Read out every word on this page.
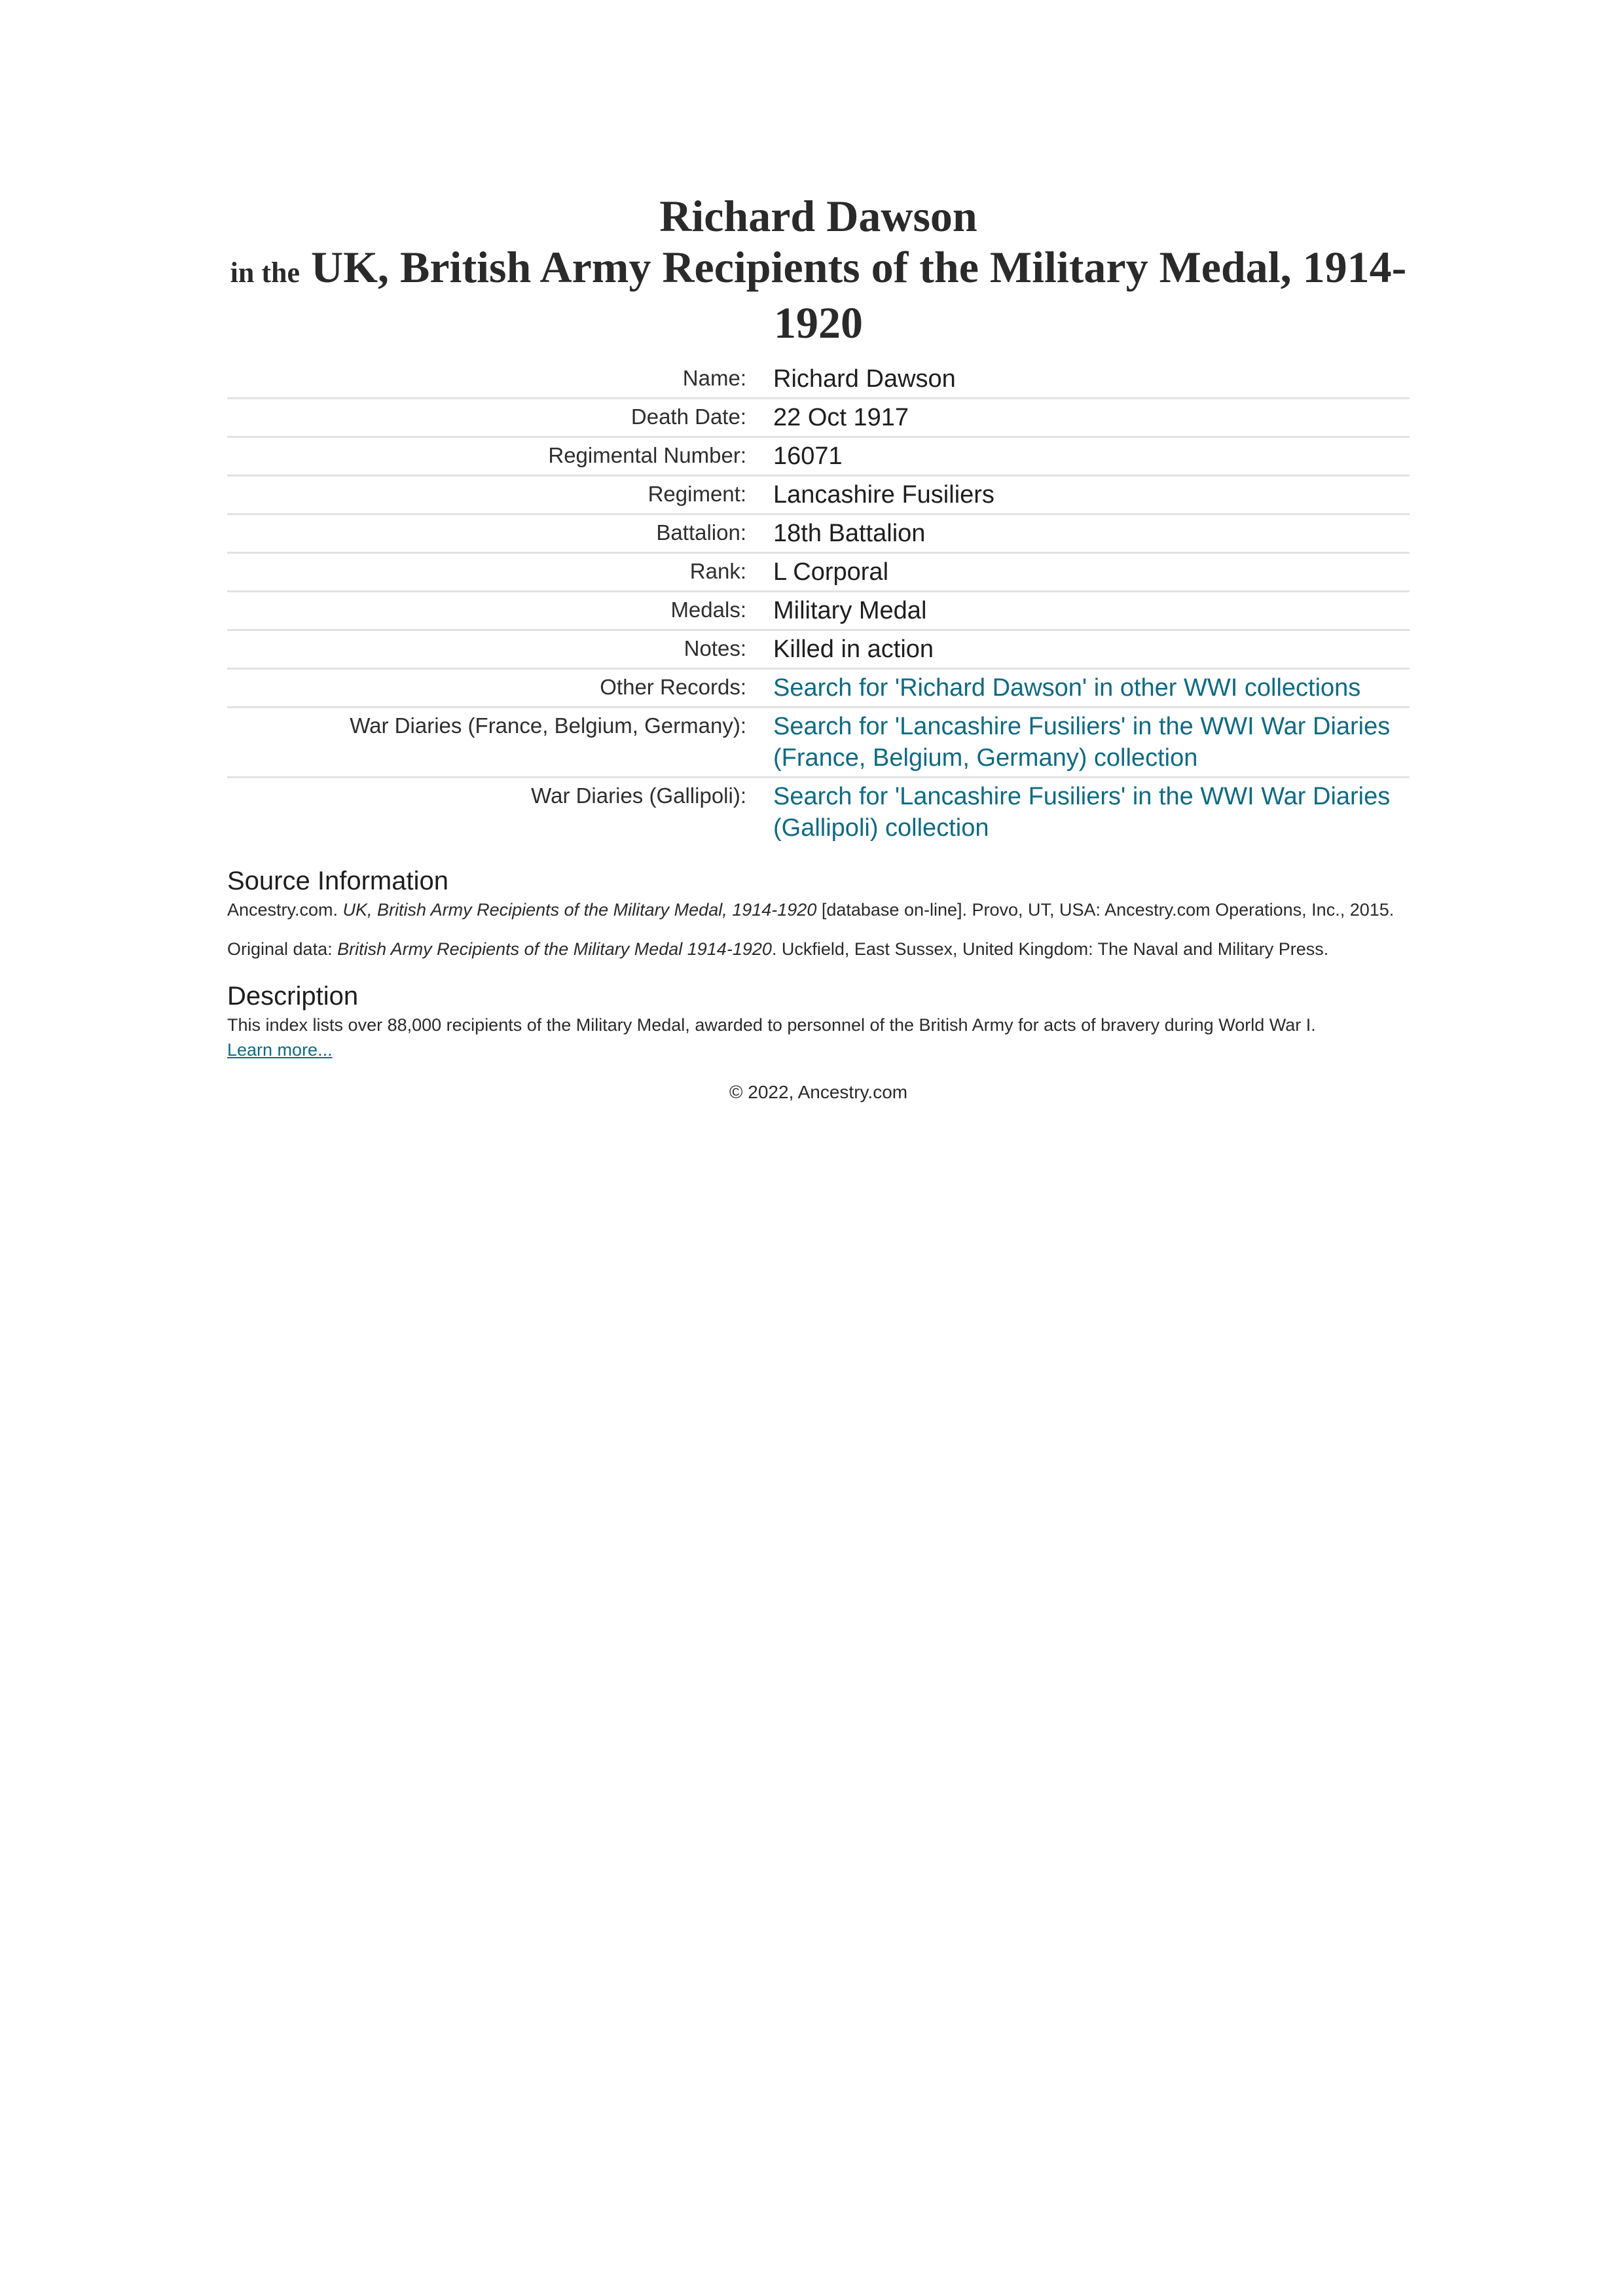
Richard Dawson
in the UK, British Army Recipients of the Military Medal, 1914-1920
Name:	Richard Dawson
Death Date:	22 Oct 1917
Regimental Number:	16071
Regiment:	Lancashire Fusiliers
Battalion:	18th Battalion
Rank:	L Corporal
Medals:	Military Medal
Notes:	Killed in action
Other Records:	Search for 'Richard Dawson' in other WWI collections
War Diaries (France, Belgium, Germany):	Search for 'Lancashire Fusiliers' in the WWI War Diaries (France, Belgium, Germany) collection
War Diaries (Gallipoli):	Search for 'Lancashire Fusiliers' in the WWI War Diaries (Gallipoli) collection
Source Information
Ancestry.com. UK, British Army Recipients of the Military Medal, 1914-1920 [database on-line]. Provo, UT, USA: Ancestry.com Operations, Inc., 2015.
Original data: British Army Recipients of the Military Medal 1914-1920. Uckfield, East Sussex, United Kingdom: The Naval and Military Press.
Description
This index lists over 88,000 recipients of the Military Medal, awarded to personnel of the British Army for acts of bravery during World War I.
Learn more...
© 2022, Ancestry.com
